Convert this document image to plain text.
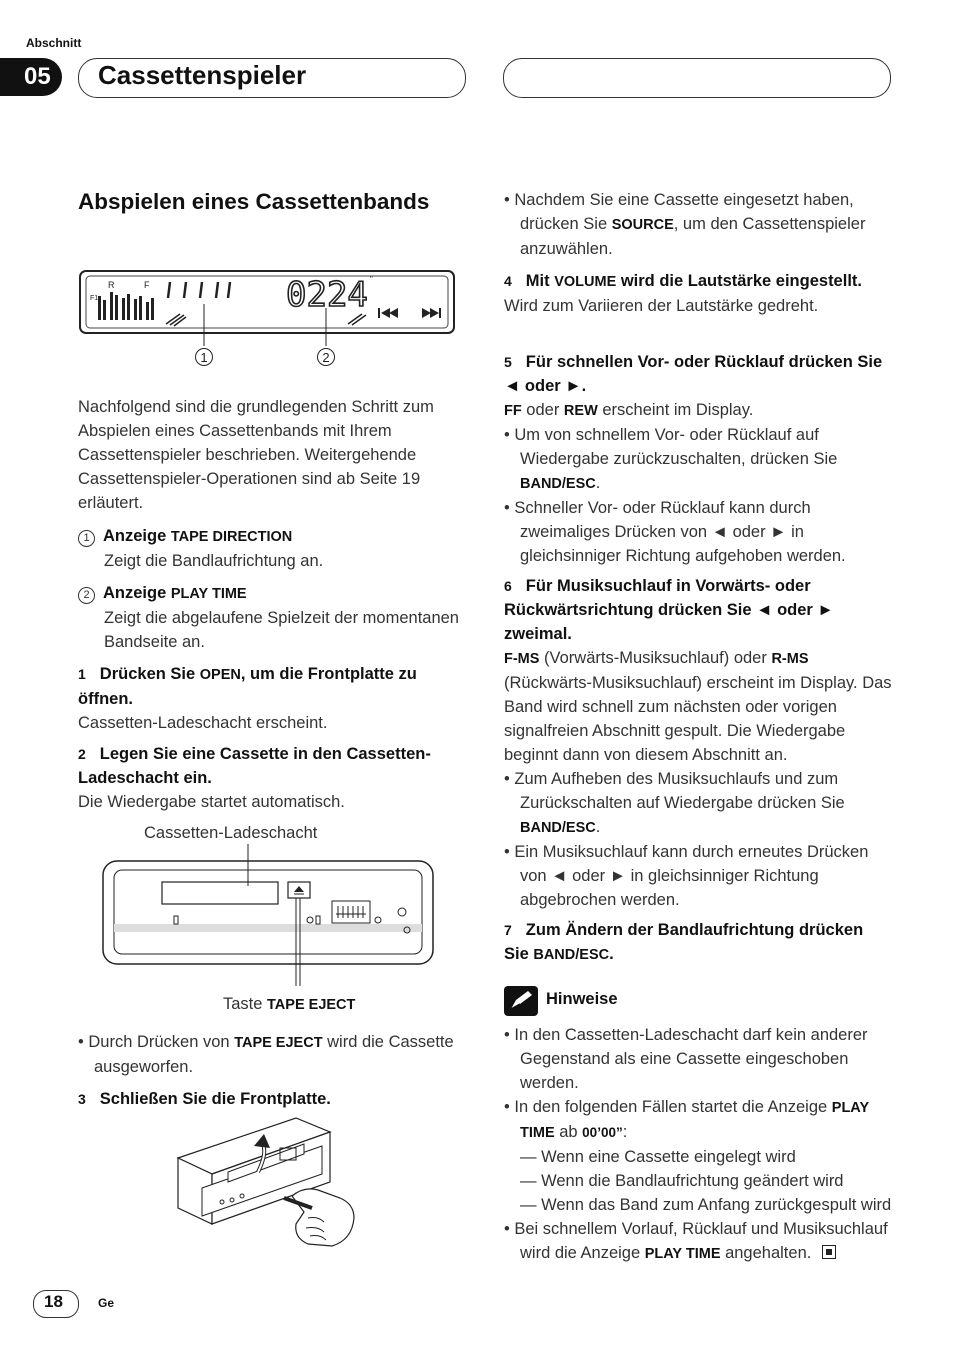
Abschnitt
05 Cassettenspieler
Abspielen eines Cassettenbands
R	F
F1	0224 "
1	2
Nachfolgend sind die grundlegenden Schritt zum Abspielen eines Cassettenbands mit Ihrem Cassettenspieler beschrieben. Weitergehende Cassettenspieler-Operationen sind ab Seite 19 erläutert.
1 Anzeige TAPE DIRECTION
Zeigt die Bandlaufrichtung an.
2 Anzeige PLAY TIME
Zeigt die abgelaufene Spielzeit der momentanen Bandseite an.
1 Drücken Sie OPEN, um die Frontplatte zu öffnen.
Cassetten-Ladeschacht erscheint.
2 Legen Sie eine Cassette in den Cassetten-Ladeschacht ein.
Die Wiedergabe startet automatisch.
Cassetten-Ladeschacht
Taste TAPE EJECT
• Durch Drücken von TAPE EJECT wird die Cassette ausgeworfen.
3 Schließen Sie die Frontplatte.
• Nachdem Sie eine Cassette eingesetzt haben, drücken Sie SOURCE, um den Cassettenspieler anzuwählen.
4 Mit VOLUME wird die Lautstärke eingestellt.
Wird zum Variieren der Lautstärke gedreht.
5 Für schnellen Vor- oder Rücklauf drücken Sie ◄ oder ►.
FF oder REW erscheint im Display.
• Um von schnellem Vor- oder Rücklauf auf Wiedergabe zurückzuschalten, drücken Sie BAND/ESC.
• Schneller Vor- oder Rücklauf kann durch zweimaliges Drücken von ◄ oder ► in gleichsinniger Richtung aufgehoben werden.
6 Für Musiksuchlauf in Vorwärts- oder Rückwärtsrichtung drücken Sie ◄ oder ► zweimal.
F-MS (Vorwärts-Musiksuchlauf) oder R-MS (Rückwärts-Musiksuchlauf) erscheint im Display. Das Band wird schnell zum nächsten oder vorigen signalfreien Abschnitt gespult. Die Wiedergabe beginnt dann von diesem Abschnitt an.
• Zum Aufheben des Musiksuchlaufs und zum Zurückschalten auf Wiedergabe drücken Sie BAND/ESC.
• Ein Musiksuchlauf kann durch erneutes Drücken von ◄ oder ► in gleichsinniger Richtung abgebrochen werden.
7 Zum Ändern der Bandlaufrichtung drücken Sie BAND/ESC.
Hinweise
• In den Cassetten-Ladeschacht darf kein anderer Gegenstand als eine Cassette eingeschoben werden.
• In den folgenden Fällen startet die Anzeige PLAY TIME ab 00’00”:
— Wenn eine Cassette eingelegt wird
— Wenn die Bandlaufrichtung geändert wird
— Wenn das Band zum Anfang zurückgespult wird
• Bei schnellem Vorlauf, Rücklauf und Musiksuchlauf wird die Anzeige PLAY TIME angehalten.
18	Ge
